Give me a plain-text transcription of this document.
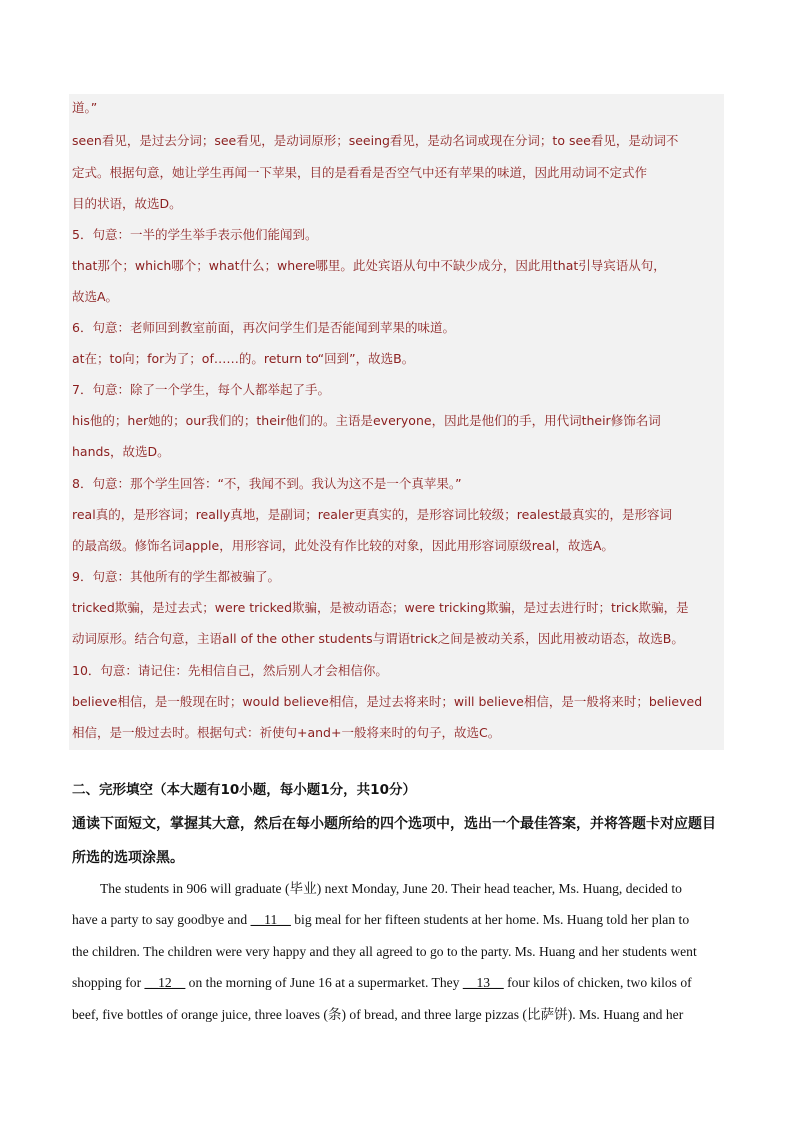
道。”
seen看见，是过去分词；see看见，是动词原形；seeing看见，是动名词或现在分词；to see看见，是动词不
定式。根据句意，她让学生再闻一下苹果，目的是看看是否空气中还有苹果的味道，因此用动词不定式作
目的状语，故选D。
5．句意：一半的学生举手表示他们能闻到。
that那个；which哪个；what什么；where哪里。此处宾语从句中不缺少成分，因此用that引导宾语从句，
故选A。
6．句意：老师回到教室前面，再次问学生们是否能闻到苹果的味道。
at在；to向；for为了；of……的。return to“回到”，故选B。
7．句意：除了一个学生，每个人都举起了手。
his他的；her她的；our我们的；their他们的。主语是everyone，因此是他们的手，用代词their修饰名词
hands，故选D。
8．句意：那个学生回答：“不，我闻不到。我认为这不是一个真苹果。”
real真的，是形容词；really真地，是副词；realer更真实的，是形容词比较级；realest最真实的，是形容词
的最高级。修饰名词apple，用形容词，此处没有作比较的对象，因此用形容词原级real，故选A。
9．句意：其他所有的学生都被骗了。
tricked欺骗，是过去式；were tricked欺骗，是被动语态；were tricking欺骗，是过去进行时；trick欺骗，是
动词原形。结合句意，主语all of the other students与谓语trick之间是被动关系，因此用被动语态，故选B。
10．句意：请记住：先相信自己，然后别人才会相信你。
believe相信，是一般现在时；would believe相信，是过去将来时；will believe相信，是一般将来时；believed
相信，是一般过去时。根据句式：祈使句+and+一般将来时的句子，故选C。
二、完形填空（本大题有10小题，每小题1分，共10分）
通读下面短文，掌握其大意，然后在每小题所给的四个选项中，选出一个最佳答案，并将答题卡对应题目
所选的选项涂黑。
The students in 906 will graduate (毕业) next Monday, June 20. Their head teacher, Ms. Huang, decided to
have a party to say goodbye and __11__ big meal for her fifteen students at her home. Ms. Huang told her plan to
the children. The children were very happy and they all agreed to go to the party. Ms. Huang and her students went
shopping for __12__ on the morning of June 16 at a supermarket. They __13__ four kilos of chicken, two kilos of
beef, five bottles of orange juice, three loaves (条) of bread, and three large pizzas (比萨饼). Ms. Huang and her
